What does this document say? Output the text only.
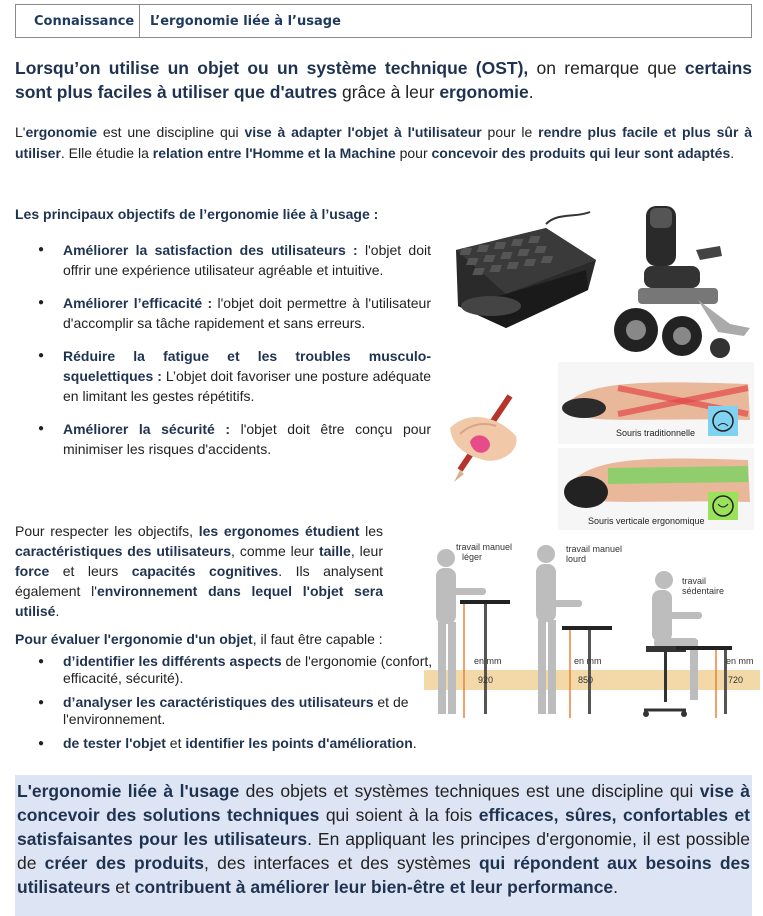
Connaissance	L’ergonomie liée à l’usage

Lorsqu’on utilise un objet ou un système technique (OST), on remarque que certains sont plus faciles à utiliser que d'autres grâce à leur ergonomie.

L'ergonomie est une discipline qui vise à adapter l'objet à l'utilisateur pour le rendre plus facile et plus sûr à utiliser. Elle étudie la relation entre l'Homme et la Machine pour concevoir des produits qui leur sont adaptés.

Les principaux objectifs de l’ergonomie liée à l’usage :
● Améliorer la satisfaction des utilisateurs : l'objet doit offrir une expérience utilisateur agréable et intuitive.
● Améliorer l’efficacité : l'objet doit permettre à l'utilisateur d'accomplir sa tâche rapidement et sans erreurs.
● Réduire la fatigue et les troubles musculo-squelettiques : L’objet doit favoriser une posture adéquate en limitant les gestes répétitifs.
● Améliorer la sécurité : l'objet doit être conçu pour minimiser les risques d'accidents.
Souris traditionnelle
Souris verticale ergonomique

Pour respecter les objectifs, les ergonomes étudient les caractéristiques des utilisateurs, comme leur taille, leur force et leurs capacités cognitives. Ils analysent également l'environnement dans lequel l'objet sera utilisé.

Pour évaluer l'ergonomie d'un objet, il faut être capable :

● d’identifier les différents aspects de l'ergonomie (confort, efficacité, sécurité).
● d’analyser les caractéristiques des utilisateurs et de l'environnement.
● de tester l'objet et identifier les points d'amélioration.
travail manuel
léger
en mm
920
travail manuel
lourd
en mm
850
travail
sédentaire
en mm
720
L'ergonomie liée à l'usage des objets et systèmes techniques est une discipline qui vise à concevoir des solutions techniques qui soient à la fois efficaces, sûres, confortables et satisfaisantes pour les utilisateurs. En appliquant les principes d'ergonomie, il est possible de créer des produits, des interfaces et des systèmes qui répondent aux besoins des utilisateurs et contribuent à améliorer leur bien-être et leur performance.
